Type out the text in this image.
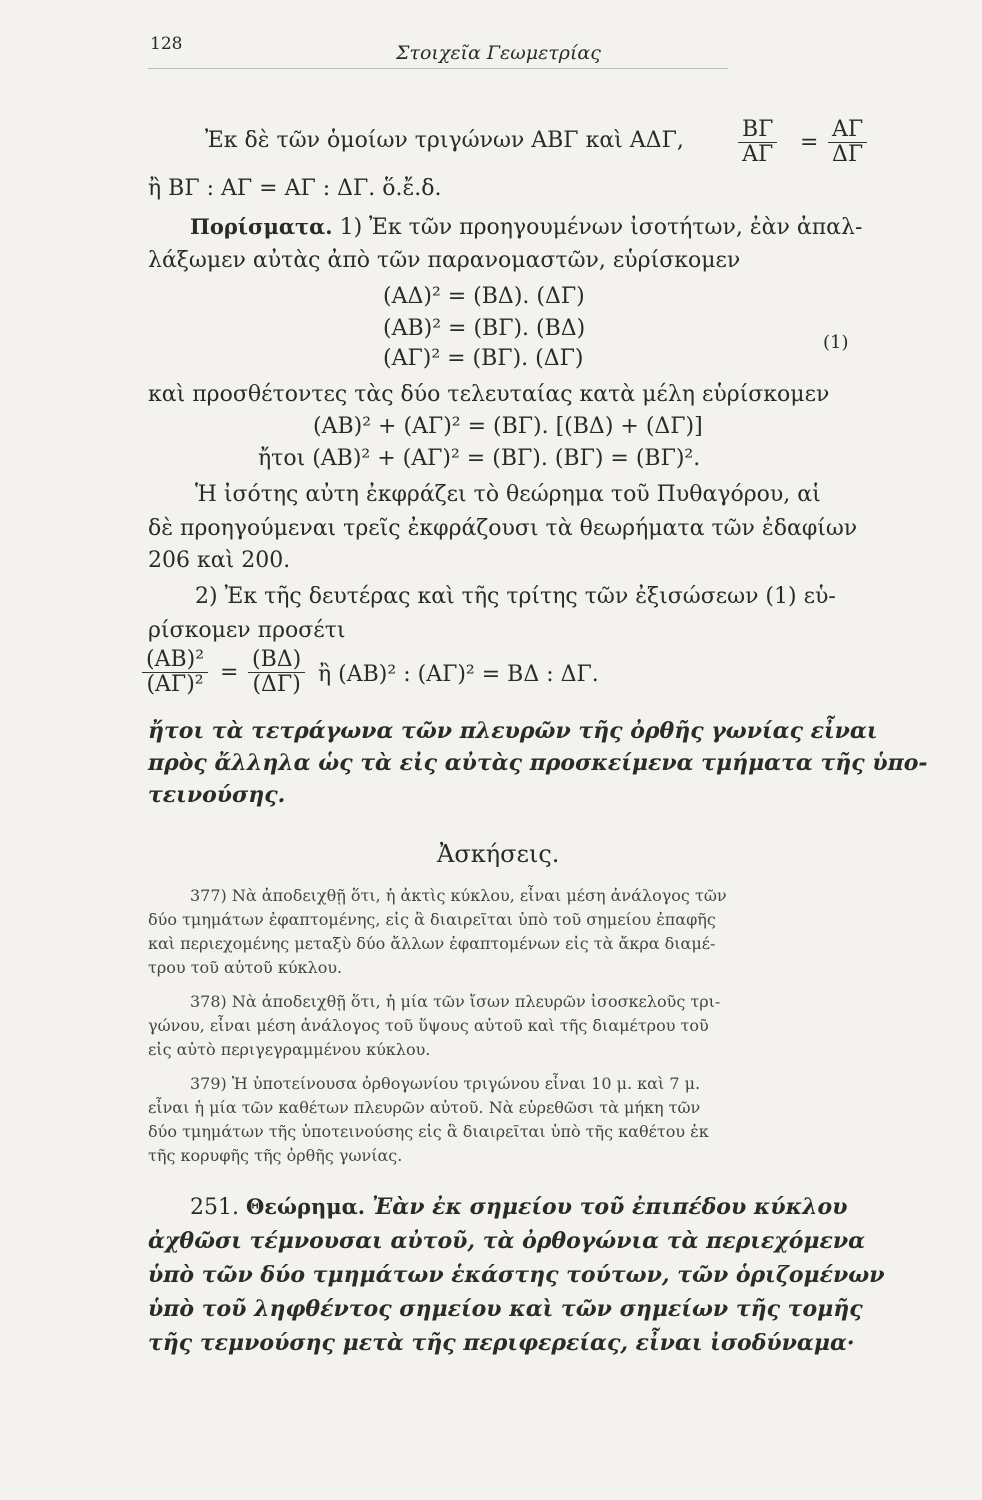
128	Στοιχεῖα Γεωμετρίας
Ἐκ δὲ τῶν ὁμοίων τριγώνων ΑΒΓ καὶ ΑΔΓ, $\frac{B\Gamma}{A\Gamma} = \frac{A\Gamma}{\Delta\Gamma}$
ἢ ΒΓ : ΑΓ = ΑΓ : ΔΓ. ὅ.ἔ.δ.
Πορίσματα. 1) Ἐκ τῶν προηγουμένων ἰσοτήτων, ἐὰν ἀπαλ-
λάξωμεν αὐτὰς ἀπὸ τῶν παρανομαστῶν, εὑρίσκομεν
(ΑΔ)² = (ΒΔ). (ΔΓ)
(ΑΒ)² = (ΒΓ). (ΒΔ)
(1)
(ΑΓ)² = (ΒΓ). (ΔΓ)
καὶ προσθέτοντες τὰς δύο τελευταίας κατὰ μέλη εὑρίσκομεν
(ΑΒ)² + (ΑΓ)² = (ΒΓ). [(ΒΔ) + (ΔΓ)]
ἤτοι (ΑΒ)² + (ΑΓ)² = (ΒΓ). (ΒΓ) = (ΒΓ)².
Ἡ ἰσότης αὐτη ἐκφράζει τὸ θεώρημα τοῦ Πυθαγόρου, αἱ
δὲ προηγούμεναι τρεῖς ἐκφράζουσι τὰ θεωρήματα τῶν ἐδαφίων
206 καὶ 200.
2) Ἐκ τῆς δευτέρας καὶ τῆς τρίτης τῶν ἐξισώσεων (1) εὑ-
ρίσκομεν προσέτι
$\frac{\text{(ΑΒ)²}}{\text{(ΑΓ)²}} = \frac{(B\Delta)}{(\Delta\Gamma)}$ ἢ (ΑΒ)² : (ΑΓ)² = ΒΔ : ΔΓ.
ἤτοι τὰ τετράγωνα τῶν πλευρῶν τῆς ὀρθῆς γωνίας εἶναι
πρὸς ἄλληλα ὡς τὰ εἰς αὐτὰς προσκείμενα τμήματα τῆς ὑπο-
τεινούσης.
Ἀσκήσεις.
377) Νὰ ἀποδειχθῇ ὅτι, ἡ ἀκτὶς κύκλου, εἶναι μέση ἀνάλογος τῶν
δύο τμημάτων ἐφαπτομένης, εἰς ἃ διαιρεῖται ὑπὸ τοῦ σημείου ἐπαφῆς
καὶ περιεχομένης μεταξὺ δύο ἄλλων ἐφαπτομένων εἰς τὰ ἄκρα διαμέ-
τρου τοῦ αὐτοῦ κύκλου.
378) Νὰ ἀποδειχθῇ ὅτι, ἡ μία τῶν ἴσων πλευρῶν ἰσοσκελοῦς τρι-
γώνου, εἶναι μέση ἀνάλογος τοῦ ὕψους αὐτοῦ καὶ τῆς διαμέτρου τοῦ
εἰς αὐτὸ περιγεγραμμένου κύκλου.
379) Ἡ ὑποτείνουσα ὀρθογωνίου τριγώνου εἶναι 10 μ. καὶ 7 μ.
εἶναι ἡ μία τῶν καθέτων πλευρῶν αὐτοῦ. Νὰ εὑρεθῶσι τὰ μήκη τῶν
δύο τμημάτων τῆς ὑποτεινούσης εἰς ἃ διαιρεῖται ὑπὸ τῆς καθέτου ἐκ
τῆς κορυφῆς τῆς ὀρθῆς γωνίας.
251. Θεώρημα. Ἐὰν ἐκ σημείου τοῦ ἐπιπέδου κύκλου
ἀχθῶσι τέμνουσαι αὐτοῦ, τὰ ὀρθογώνια τὰ περιεχόμενα
ὑπὸ τῶν δύο τμημάτων ἑκάστης τούτων, τῶν ὁριζομένων
ὑπὸ τοῦ ληφθέντος σημείου καὶ τῶν σημείων τῆς τομῆς
τῆς τεμνούσης μετὰ τῆς περιφερείας, εἶναι ἰσοδύναμα·
